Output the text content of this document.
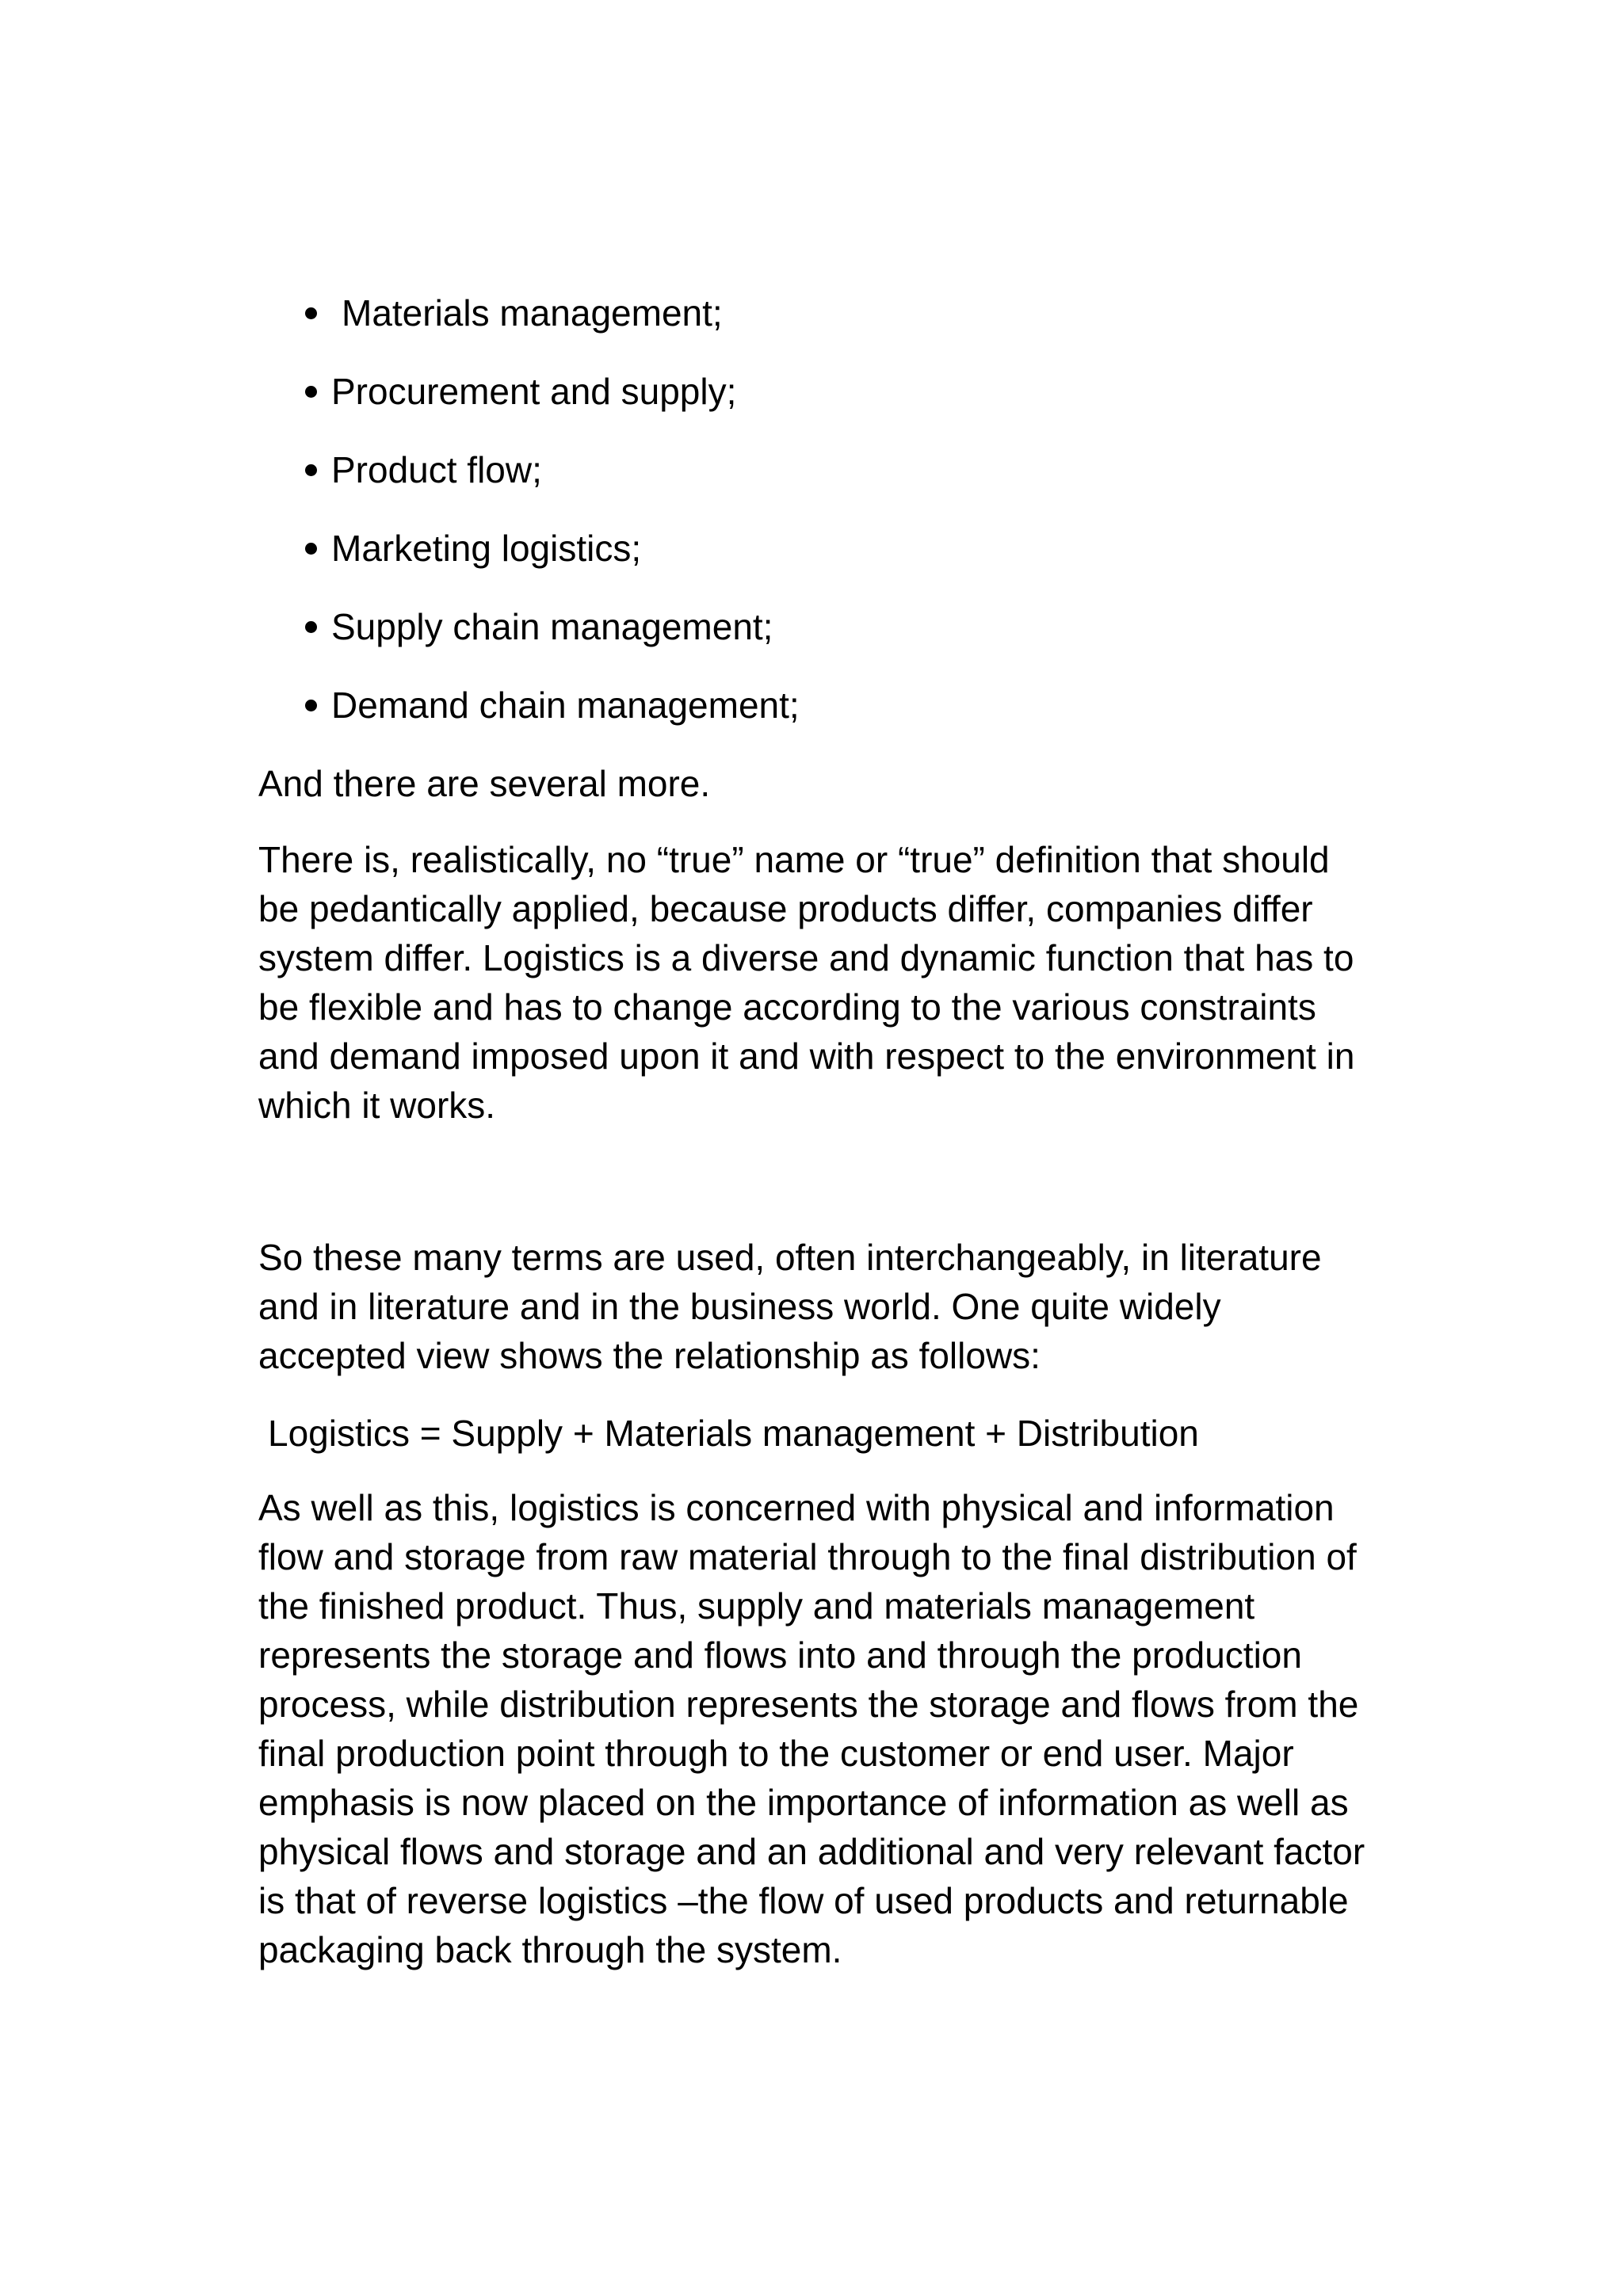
Materials management;
Procurement and supply;
Product flow;
Marketing logistics;
Supply chain management;
Demand chain management;

And there are several more.

There is, realistically, no “true” name or “true” definition that should
be pedantically applied, because products differ, companies differ
system differ. Logistics is a diverse and dynamic function that has to
be flexible and has to change according to the various constraints
and demand imposed upon it and with respect to the environment in
which it works.

So these many terms are used, often interchangeably, in literature
and in literature and in the business world. One quite widely
accepted view shows the relationship as follows:

Logistics = Supply + Materials management + Distribution

As well as this, logistics is concerned with physical and information
flow and storage from raw material through to the final distribution of
the finished product. Thus, supply and materials management
represents the storage and flows into and through the production
process, while distribution represents the storage and flows from the
final production point through to the customer or end user. Major
emphasis is now placed on the importance of information as well as
physical flows and storage and an additional and very relevant factor
is that of reverse logistics –the flow of used products and returnable
packaging back through the system.
